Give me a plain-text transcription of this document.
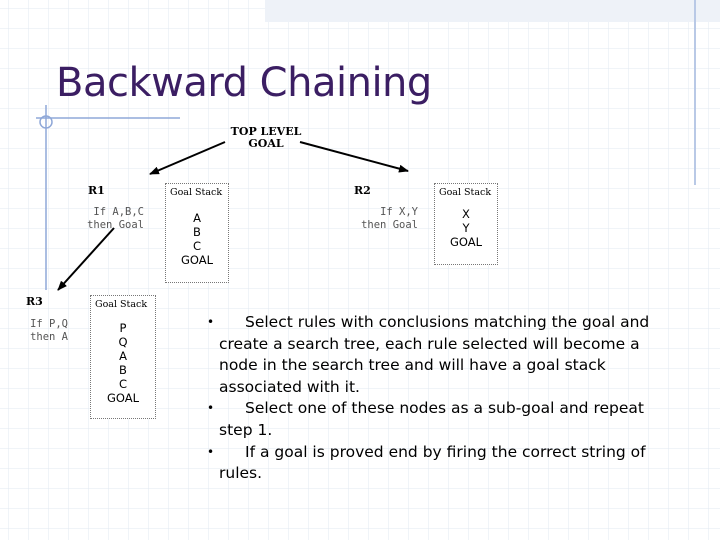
Backward Chaining
TOP LEVEL
GOAL
R1
If A,B,C
then Goal
Goal Stack
A
B
C
GOAL
R2
If X,Y
then Goal
Goal Stack
X
Y
GOAL
R3
If P,Q
then A
Goal Stack
P
Q
A
B
C
GOAL
• Select rules with conclusions matching the goal and create a search tree, each rule selected will become a node in the search tree and will have a goal stack associated with it.
• Select one of these nodes as a sub-goal and repeat step 1.
• If a goal is proved end by firing the correct string of rules.
